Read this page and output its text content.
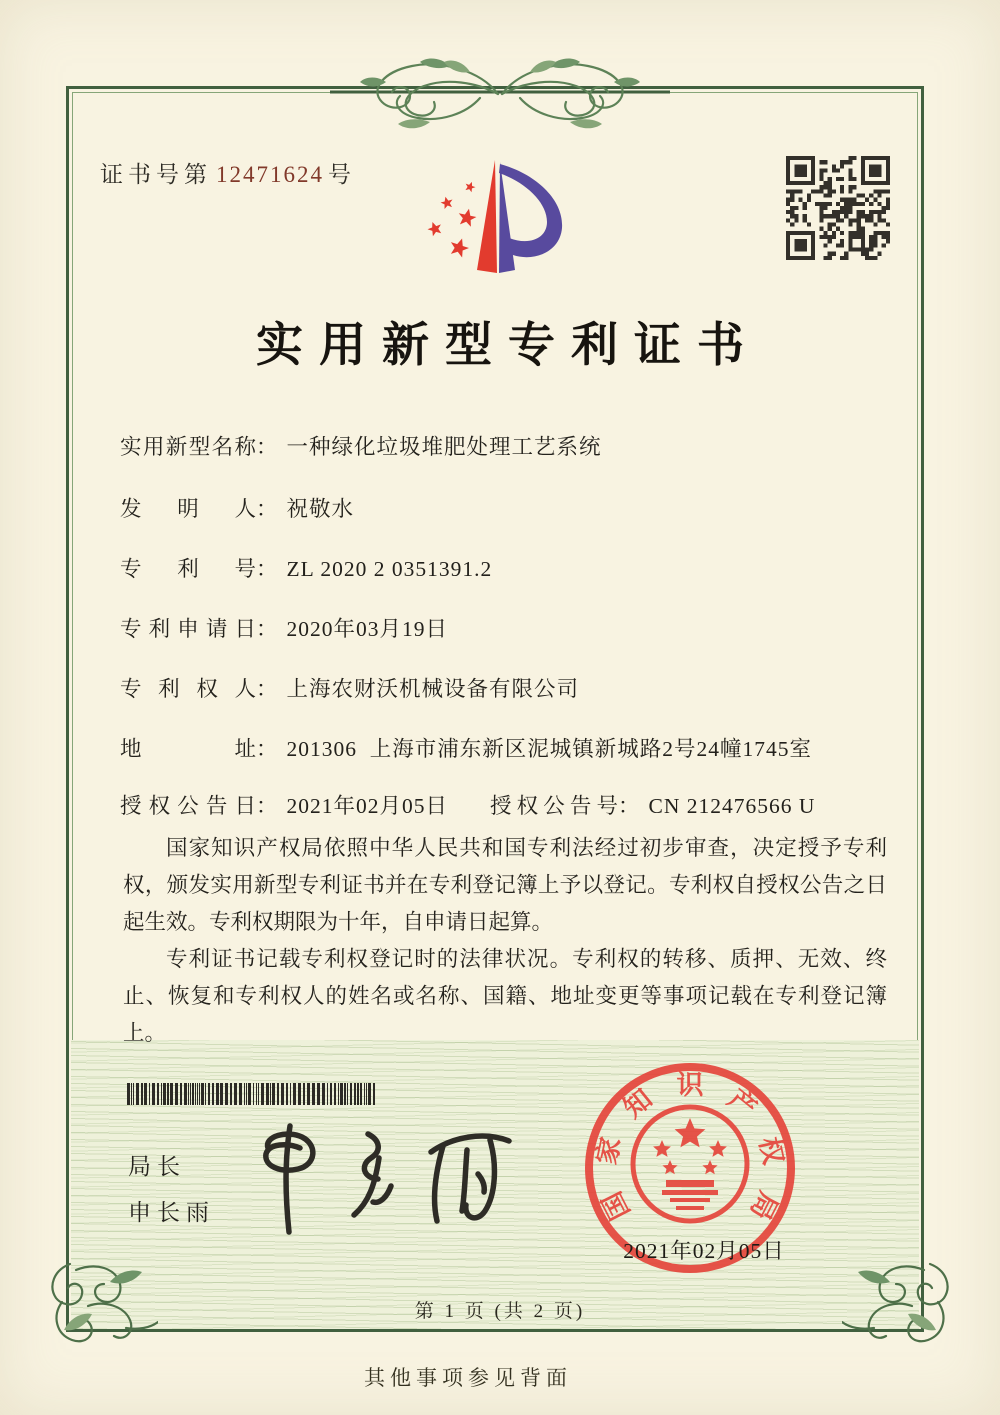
证书号第 12471624 号
实用新型专利证书
实用新型名称： 一种绿化垃圾堆肥处理工艺系统
发明人： 祝敬水
专利号： ZL 2020 2 0351391.2
专利申请日： 2020年03月19日
专利权人： 上海农财沃机械设备有限公司
地址： 201306  上海市浦东新区泥城镇新城路2号24幢1745室
授权公告日： 2021年02月05日 授权公告号： CN 212476566 U

国家知识产权局依照中华人民共和国专利法经过初步审查，决定授予专利权，颁发实用新型专利证书并在专利登记簿上予以登记。专利权自授权公告之日起生效。专利权期限为十年，自申请日起算。

专利证书记载专利权登记时的法律状况。专利权的转移、质押、无效、终止、恢复和专利权人的姓名或名称、国籍、地址变更等事项记载在专利登记簿上。

局长
申长雨	国
家
知 识 产
权
局
2021年02月05日
第 1 页 (共 2 页)
其他事项参见背面
